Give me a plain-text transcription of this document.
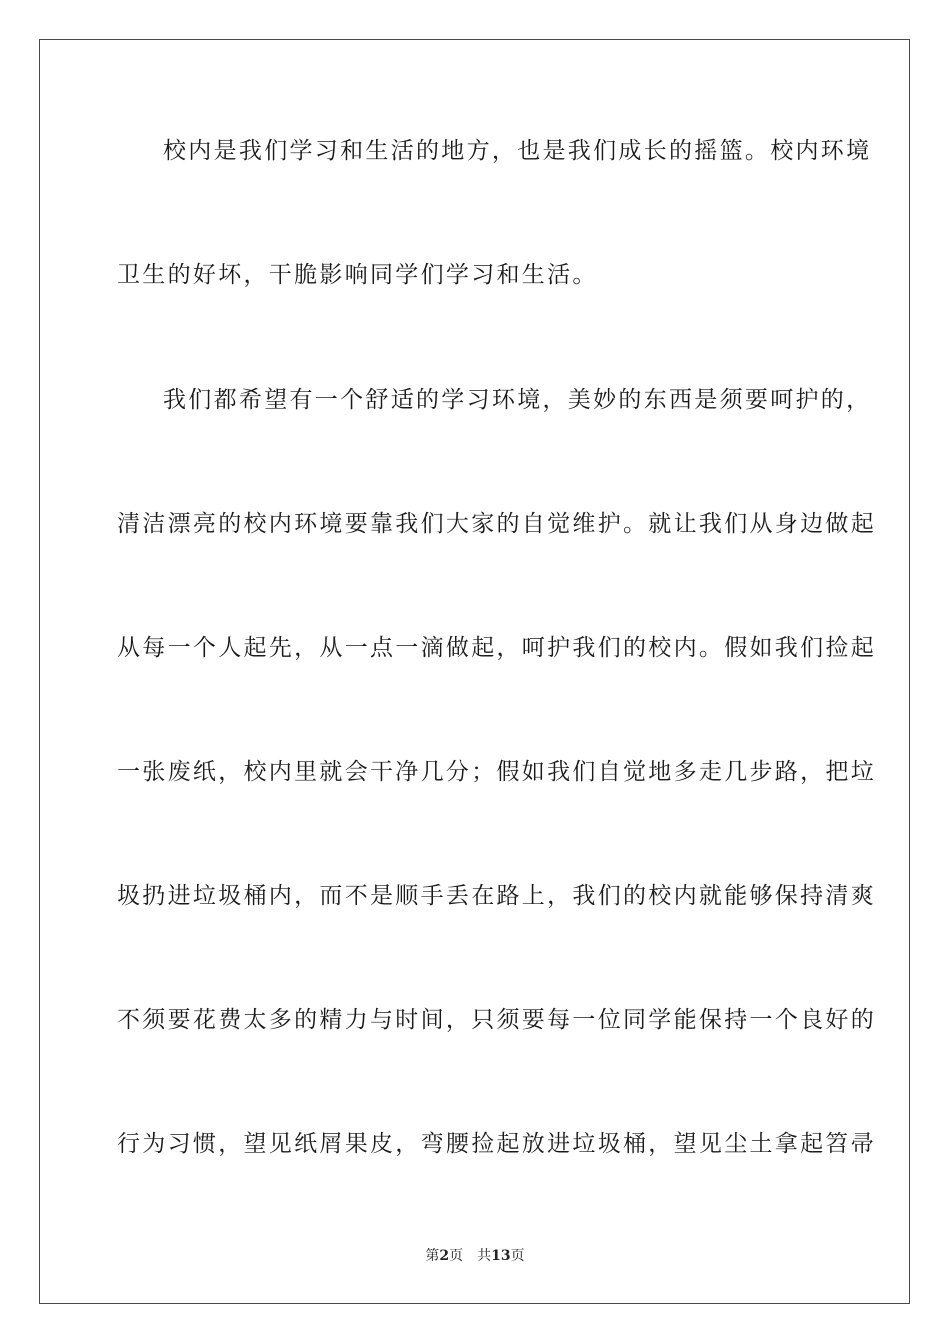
校内是我们学习和生活的地方，也是我们成长的摇篮。校内环境
卫生的好坏，干脆影响同学们学习和生活。
我们都希望有一个舒适的学习环境，美妙的东西是须要呵护的，
清洁漂亮的校内环境要靠我们大家的自觉维护。就让我们从身边做起
从每一个人起先，从一点一滴做起，呵护我们的校内。假如我们捡起
一张废纸，校内里就会干净几分；假如我们自觉地多走几步路，把垃
圾扔进垃圾桶内，而不是顺手丢在路上，我们的校内就能够保持清爽
不须要花费太多的精力与时间，只须要每一位同学能保持一个良好的
行为习惯，望见纸屑果皮，弯腰捡起放进垃圾桶，望见尘土拿起笤帚
第2页 共13页
